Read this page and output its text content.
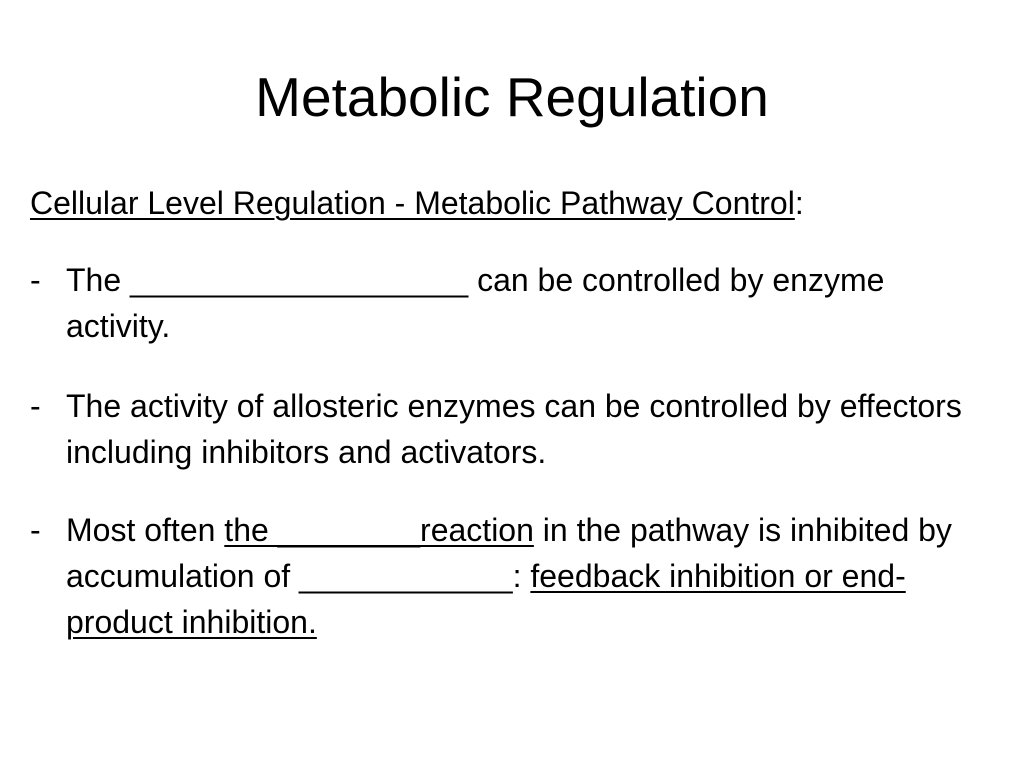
Metabolic Regulation
Cellular Level Regulation - Metabolic Pathway Control:
- The ___________________ can be controlled by enzyme activity.
- The activity of allosteric enzymes can be controlled by effectors including inhibitors and activators.
- Most often the ________reaction in the pathway is inhibited by accumulation of ____________: feedback inhibition or end-product inhibition.
